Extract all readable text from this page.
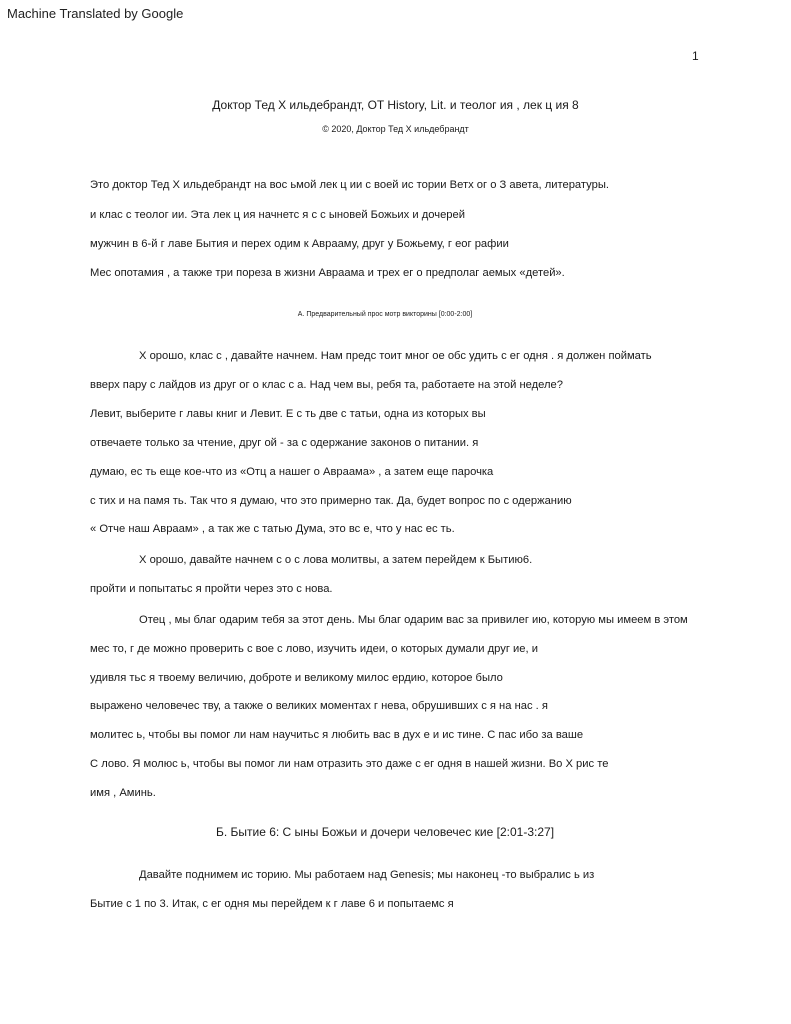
Machine Translated by Google
1
Доктор Тед Х ильдебрандт, OT History, Lit. и теолог ия , лек ц ия 8
© 2020, Доктор Тед Х ильдебрандт
Это доктор Тед Х ильдебрандт на вос ьмой лек ц ии с воей ис тории Ветх ог о З авета, литературы.
и клас с теолог ии. Эта лек ц ия начнетс я с с ыновей Божьих и дочерей
мужчин в 6-й г лаве Бытия и перех одим к Аврааму, друг у Божьему, г еог рафии
Мес опотамия , а также три пореза в жизни Авраама и трех ег о предполаг аемых «детей».
А. Предварительный прос мотр викторины [0:00-2:00]
Х орошо, клас с , давайте начнем. Нам предс тоит мног ое обс удить с ег одня . я должен поймать
вверх пару с лайдов из друг ог о клас с а. Над чем вы, ребя та, работаете на этой неделе?
Левит, выберите г лавы книг и Левит. Е с ть две с татьи, одна из которых вы
отвечаете только за чтение, друг ой - за с одержание законов о питании. я
думаю, ес ть еще кое-что из «Отц а нашег о Авраама» , а затем еще парочка
с тих и на памя ть. Так что я думаю, что это примерно так. Да, будет вопрос по с одержанию
« Отче наш Авраам» , а так же с татью Дума, это вс е, что у нас ес ть.
Х орошо, давайте начнем с о с лова молитвы, а затем перейдем к Бытию6.
пройти и попытатьс я пройти через это с нова.
Отец , мы благ одарим тебя за этот день. Мы благ одарим вас за привилег ию, которую мы имеем в этом
мес то, г де можно проверить с вое с лово, изучить идеи, о которых думали друг ие, и
удивля тьс я твоему величию, доброте и великому милос ердию, которое было
выражено человечес тву, а также о великих моментах г нева, обрушивших с я на нас . я
молитес ь, чтобы вы помог ли нам научитьс я любить вас в дух е и ис тине. С пас ибо за ваше
С лово. Я молюс ь, чтобы вы помог ли нам отразить это даже с ег одня в нашей жизни. Во Х рис те
имя , Аминь.
Б. Бытие 6: С ыны Божьи и дочери человечес кие [2:01-3:27]
Давайте поднимем ис торию. Мы работаем над Genesis; мы наконец -то выбралис ь из
Бытие с 1 по 3. Итак, с ег одня мы перейдем к г лаве 6 и попытаемс я
